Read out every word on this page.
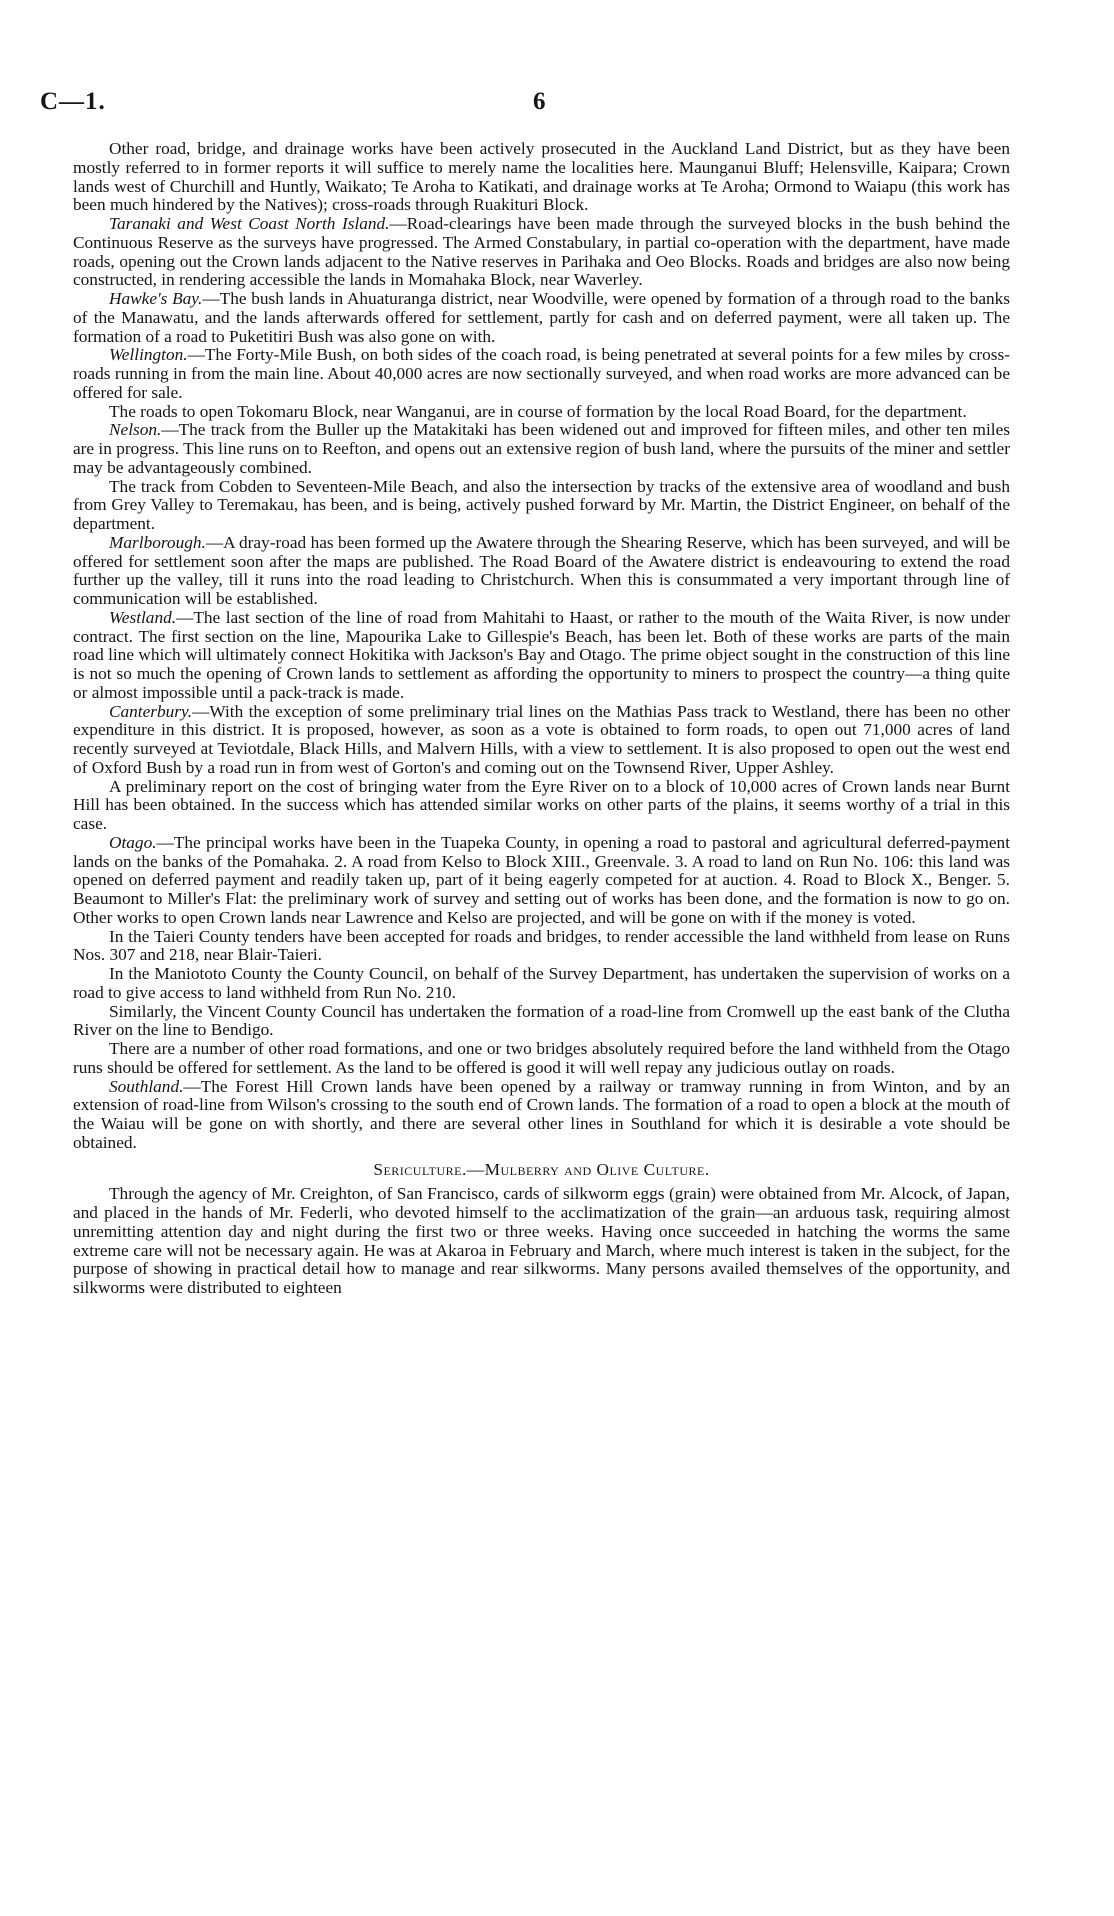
C—1.	6

Other road, bridge, and drainage works have been actively prosecuted in the Auckland Land District, but as they have been mostly referred to in former reports it will suffice to merely name the localities here. Maunganui Bluff; Helensville, Kaipara; Crown lands west of Churchill and Huntly, Waikato; Te Aroha to Katikati, and drainage works at Te Aroha; Ormond to Waiapu (this work has been much hindered by the Natives); cross-roads through Ruakituri Block.

Taranaki and West Coast North Island.—Road-clearings have been made through the surveyed blocks in the bush behind the Continuous Reserve as the surveys have progressed. The Armed Constabulary, in partial co-operation with the department, have made roads, opening out the Crown lands adjacent to the Native reserves in Parihaka and Oeo Blocks. Roads and bridges are also now being constructed, in rendering accessible the lands in Momahaka Block, near Waverley.

Hawke's Bay.—The bush lands in Ahuaturanga district, near Woodville, were opened by formation of a through road to the banks of the Manawatu, and the lands afterwards offered for settlement, partly for cash and on deferred payment, were all taken up. The formation of a road to Puketitiri Bush was also gone on with.

Wellington.—The Forty-Mile Bush, on both sides of the coach road, is being penetrated at several points for a few miles by cross-roads running in from the main line. About 40,000 acres are now sectionally surveyed, and when road works are more advanced can be offered for sale.

The roads to open Tokomaru Block, near Wanganui, are in course of formation by the local Road Board, for the department.

Nelson.—The track from the Buller up the Matakitaki has been widened out and improved for fifteen miles, and other ten miles are in progress. This line runs on to Reefton, and opens out an extensive region of bush land, where the pursuits of the miner and settler may be advantageously combined.

The track from Cobden to Seventeen-Mile Beach, and also the intersection by tracks of the extensive area of woodland and bush from Grey Valley to Teremakau, has been, and is being, actively pushed forward by Mr. Martin, the District Engineer, on behalf of the department.

Marlborough.—A dray-road has been formed up the Awatere through the Shearing Reserve, which has been surveyed, and will be offered for settlement soon after the maps are published. The Road Board of the Awatere district is endeavouring to extend the road further up the valley, till it runs into the road leading to Christchurch. When this is consummated a very important through line of communication will be established.

Westland.—The last section of the line of road from Mahitahi to Haast, or rather to the mouth of the Waita River, is now under contract. The first section on the line, Mapourika Lake to Gillespie's Beach, has been let. Both of these works are parts of the main road line which will ultimately connect Hokitika with Jackson's Bay and Otago. The prime object sought in the construction of this line is not so much the opening of Crown lands to settlement as affording the opportunity to miners to prospect the country—a thing quite or almost impossible until a pack-track is made.

Canterbury.—With the exception of some preliminary trial lines on the Mathias Pass track to Westland, there has been no other expenditure in this district. It is proposed, however, as soon as a vote is obtained to form roads, to open out 71,000 acres of land recently surveyed at Teviotdale, Black Hills, and Malvern Hills, with a view to settlement. It is also proposed to open out the west end of Oxford Bush by a road run in from west of Gorton's and coming out on the Townsend River, Upper Ashley.

A preliminary report on the cost of bringing water from the Eyre River on to a block of 10,000 acres of Crown lands near Burnt Hill has been obtained. In the success which has attended similar works on other parts of the plains, it seems worthy of a trial in this case.

Otago.—The principal works have been in the Tuapeka County, in opening a road to pastoral and agricultural deferred-payment lands on the banks of the Pomahaka. 2. A road from Kelso to Block XIII., Greenvale. 3. A road to land on Run No. 106: this land was opened on deferred payment and readily taken up, part of it being eagerly competed for at auction. 4. Road to Block X., Benger. 5. Beaumont to Miller's Flat: the preliminary work of survey and setting out of works has been done, and the formation is now to go on. Other works to open Crown lands near Lawrence and Kelso are projected, and will be gone on with if the money is voted.

In the Taieri County tenders have been accepted for roads and bridges, to render accessible the land withheld from lease on Runs Nos. 307 and 218, near Blair-Taieri.

In the Maniototo County the County Council, on behalf of the Survey Department, has undertaken the supervision of works on a road to give access to land withheld from Run No. 210.

Similarly, the Vincent County Council has undertaken the formation of a road-line from Cromwell up the east bank of the Clutha River on the line to Bendigo.

There are a number of other road formations, and one or two bridges absolutely required before the land withheld from the Otago runs should be offered for settlement. As the land to be offered is good it will well repay any judicious outlay on roads.

Southland.—The Forest Hill Crown lands have been opened by a railway or tramway running in from Winton, and by an extension of road-line from Wilson's crossing to the south end of Crown lands. The formation of a road to open a block at the mouth of the Waiau will be gone on with shortly, and there are several other lines in Southland for which it is desirable a vote should be obtained.

Sericulture.—Mulberry and Olive Culture.

Through the agency of Mr. Creighton, of San Francisco, cards of silkworm eggs (grain) were obtained from Mr. Alcock, of Japan, and placed in the hands of Mr. Federli, who devoted himself to the acclimatization of the grain—an arduous task, requiring almost unremitting attention day and night during the first two or three weeks. Having once succeeded in hatching the worms the same extreme care will not be necessary again. He was at Akaroa in February and March, where much interest is taken in the subject, for the purpose of showing in practical detail how to manage and rear silkworms. Many persons availed themselves of the opportunity, and silkworms were distributed to eighteen
